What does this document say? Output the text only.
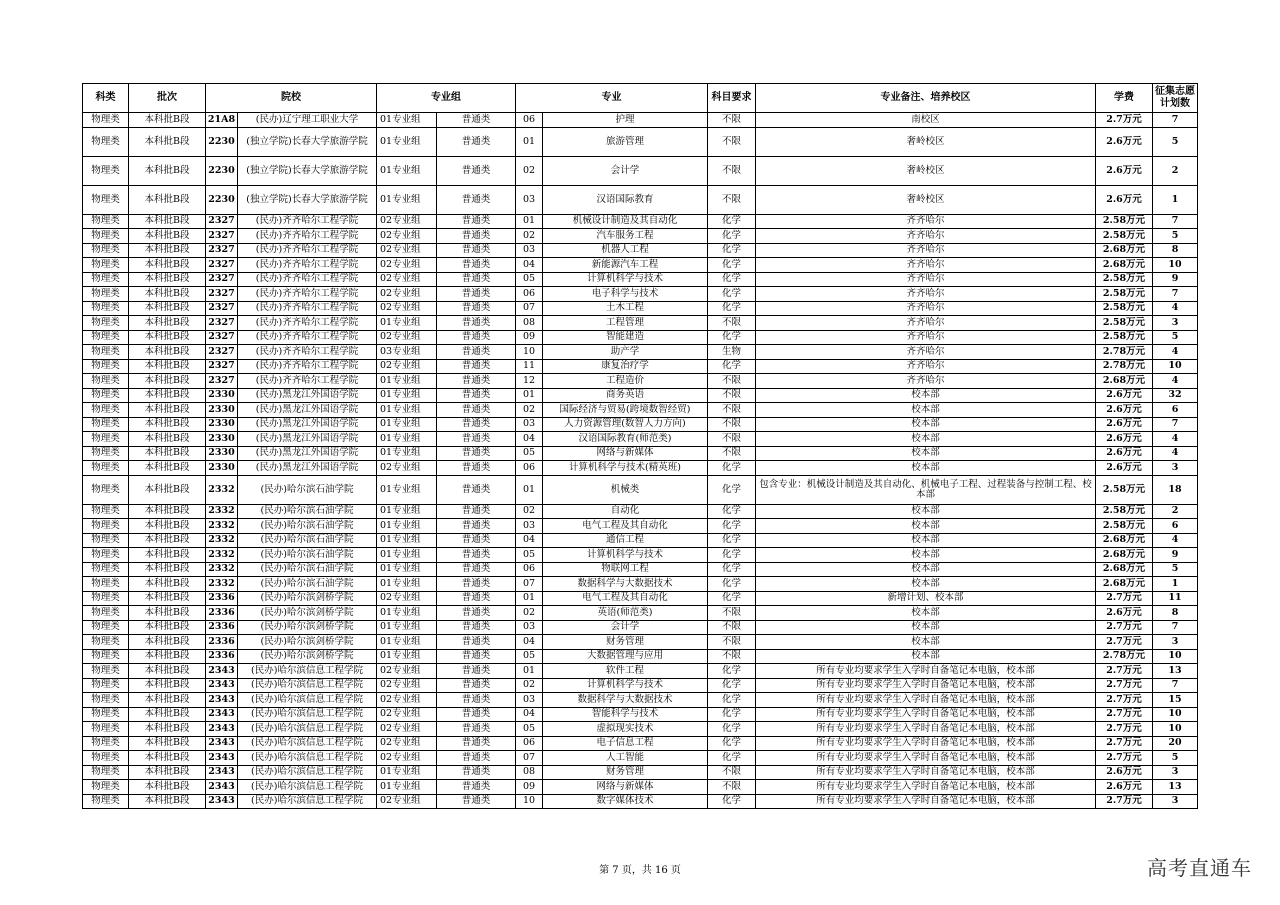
科类	批次	院校		专业组		专业		科目要求	专业备注、培养校区	学费	征集志愿计划数
物理类	本科批B段	21A8	(民办)辽宁理工职业大学	01专业组	普通类	06	护理	不限	南校区	2.7万元	7
物理类	本科批B段	2230	(独立学院)长春大学旅游学院	01专业组	普通类	01	旅游管理	不限	奢岭校区	2.6万元	5
物理类	本科批B段	2230	(独立学院)长春大学旅游学院	01专业组	普通类	02	会计学	不限	奢岭校区	2.6万元	2
物理类	本科批B段	2230	(独立学院)长春大学旅游学院	01专业组	普通类	03	汉语国际教育	不限	奢岭校区	2.6万元	1
物理类	本科批B段	2327	(民办)齐齐哈尔工程学院	02专业组	普通类	01	机械设计制造及其自动化	化学	齐齐哈尔	2.58万元	7
物理类	本科批B段	2327	(民办)齐齐哈尔工程学院	02专业组	普通类	02	汽车服务工程	化学	齐齐哈尔	2.58万元	5
物理类	本科批B段	2327	(民办)齐齐哈尔工程学院	02专业组	普通类	03	机器人工程	化学	齐齐哈尔	2.68万元	8
物理类	本科批B段	2327	(民办)齐齐哈尔工程学院	02专业组	普通类	04	新能源汽车工程	化学	齐齐哈尔	2.68万元	10
物理类	本科批B段	2327	(民办)齐齐哈尔工程学院	02专业组	普通类	05	计算机科学与技术	化学	齐齐哈尔	2.58万元	9
物理类	本科批B段	2327	(民办)齐齐哈尔工程学院	02专业组	普通类	06	电子科学与技术	化学	齐齐哈尔	2.58万元	7
物理类	本科批B段	2327	(民办)齐齐哈尔工程学院	02专业组	普通类	07	土木工程	化学	齐齐哈尔	2.58万元	4
物理类	本科批B段	2327	(民办)齐齐哈尔工程学院	01专业组	普通类	08	工程管理	不限	齐齐哈尔	2.58万元	3
物理类	本科批B段	2327	(民办)齐齐哈尔工程学院	02专业组	普通类	09	智能建造	化学	齐齐哈尔	2.58万元	5
物理类	本科批B段	2327	(民办)齐齐哈尔工程学院	03专业组	普通类	10	助产学	生物	齐齐哈尔	2.78万元	4
物理类	本科批B段	2327	(民办)齐齐哈尔工程学院	02专业组	普通类	11	康复治疗学	化学	齐齐哈尔	2.78万元	10
物理类	本科批B段	2327	(民办)齐齐哈尔工程学院	01专业组	普通类	12	工程造价	不限	齐齐哈尔	2.68万元	4
物理类	本科批B段	2330	(民办)黑龙江外国语学院	01专业组	普通类	01	商务英语	不限	校本部	2.6万元	32
物理类	本科批B段	2330	(民办)黑龙江外国语学院	01专业组	普通类	02	国际经济与贸易(跨境数智经贸)	不限	校本部	2.6万元	6
物理类	本科批B段	2330	(民办)黑龙江外国语学院	01专业组	普通类	03	人力资源管理(数智人力方向)	不限	校本部	2.6万元	7
物理类	本科批B段	2330	(民办)黑龙江外国语学院	01专业组	普通类	04	汉语国际教育(师范类)	不限	校本部	2.6万元	4
物理类	本科批B段	2330	(民办)黑龙江外国语学院	01专业组	普通类	05	网络与新媒体	不限	校本部	2.6万元	4
物理类	本科批B段	2330	(民办)黑龙江外国语学院	02专业组	普通类	06	计算机科学与技术(精英班)	化学	校本部	2.6万元	3
物理类	本科批B段	2332	(民办)哈尔滨石油学院	01专业组	普通类	01	机械类	化学	包含专业：机械设计制造及其自动化、机械电子工程、过程装备与控制工程、校本部	2.58万元	18
物理类	本科批B段	2332	(民办)哈尔滨石油学院	01专业组	普通类	02	自动化	化学	校本部	2.58万元	2
物理类	本科批B段	2332	(民办)哈尔滨石油学院	01专业组	普通类	03	电气工程及其自动化	化学	校本部	2.58万元	6
物理类	本科批B段	2332	(民办)哈尔滨石油学院	01专业组	普通类	04	通信工程	化学	校本部	2.68万元	4
物理类	本科批B段	2332	(民办)哈尔滨石油学院	01专业组	普通类	05	计算机科学与技术	化学	校本部	2.68万元	9
物理类	本科批B段	2332	(民办)哈尔滨石油学院	01专业组	普通类	06	物联网工程	化学	校本部	2.68万元	5
物理类	本科批B段	2332	(民办)哈尔滨石油学院	01专业组	普通类	07	数据科学与大数据技术	化学	校本部	2.68万元	1
物理类	本科批B段	2336	(民办)哈尔滨剑桥学院	02专业组	普通类	01	电气工程及其自动化	化学	新增计划、校本部	2.7万元	11
物理类	本科批B段	2336	(民办)哈尔滨剑桥学院	01专业组	普通类	02	英语(师范类)	不限	校本部	2.6万元	8
物理类	本科批B段	2336	(民办)哈尔滨剑桥学院	01专业组	普通类	03	会计学	不限	校本部	2.7万元	7
物理类	本科批B段	2336	(民办)哈尔滨剑桥学院	01专业组	普通类	04	财务管理	不限	校本部	2.7万元	3
物理类	本科批B段	2336	(民办)哈尔滨剑桥学院	01专业组	普通类	05	大数据管理与应用	不限	校本部	2.78万元	10
物理类	本科批B段	2343	(民办)哈尔滨信息工程学院	02专业组	普通类	01	软件工程	化学	所有专业均要求学生入学时自备笔记本电脑，校本部	2.7万元	13
物理类	本科批B段	2343	(民办)哈尔滨信息工程学院	02专业组	普通类	02	计算机科学与技术	化学	所有专业均要求学生入学时自备笔记本电脑，校本部	2.7万元	7
物理类	本科批B段	2343	(民办)哈尔滨信息工程学院	02专业组	普通类	03	数据科学与大数据技术	化学	所有专业均要求学生入学时自备笔记本电脑，校本部	2.7万元	15
物理类	本科批B段	2343	(民办)哈尔滨信息工程学院	02专业组	普通类	04	智能科学与技术	化学	所有专业均要求学生入学时自备笔记本电脑，校本部	2.7万元	10
物理类	本科批B段	2343	(民办)哈尔滨信息工程学院	02专业组	普通类	05	虚拟现实技术	化学	所有专业均要求学生入学时自备笔记本电脑，校本部	2.7万元	10
物理类	本科批B段	2343	(民办)哈尔滨信息工程学院	02专业组	普通类	06	电子信息工程	化学	所有专业均要求学生入学时自备笔记本电脑，校本部	2.7万元	20
物理类	本科批B段	2343	(民办)哈尔滨信息工程学院	02专业组	普通类	07	人工智能	化学	所有专业均要求学生入学时自备笔记本电脑，校本部	2.7万元	5
物理类	本科批B段	2343	(民办)哈尔滨信息工程学院	01专业组	普通类	08	财务管理	不限	所有专业均要求学生入学时自备笔记本电脑，校本部	2.6万元	3
物理类	本科批B段	2343	(民办)哈尔滨信息工程学院	01专业组	普通类	09	网络与新媒体	不限	所有专业均要求学生入学时自备笔记本电脑，校本部	2.6万元	13
物理类	本科批B段	2343	(民办)哈尔滨信息工程学院	02专业组	普通类	10	数字媒体技术	化学	所有专业均要求学生入学时自备笔记本电脑，校本部	2.7万元	3
第 7 页，共 16 页	高考直通车
